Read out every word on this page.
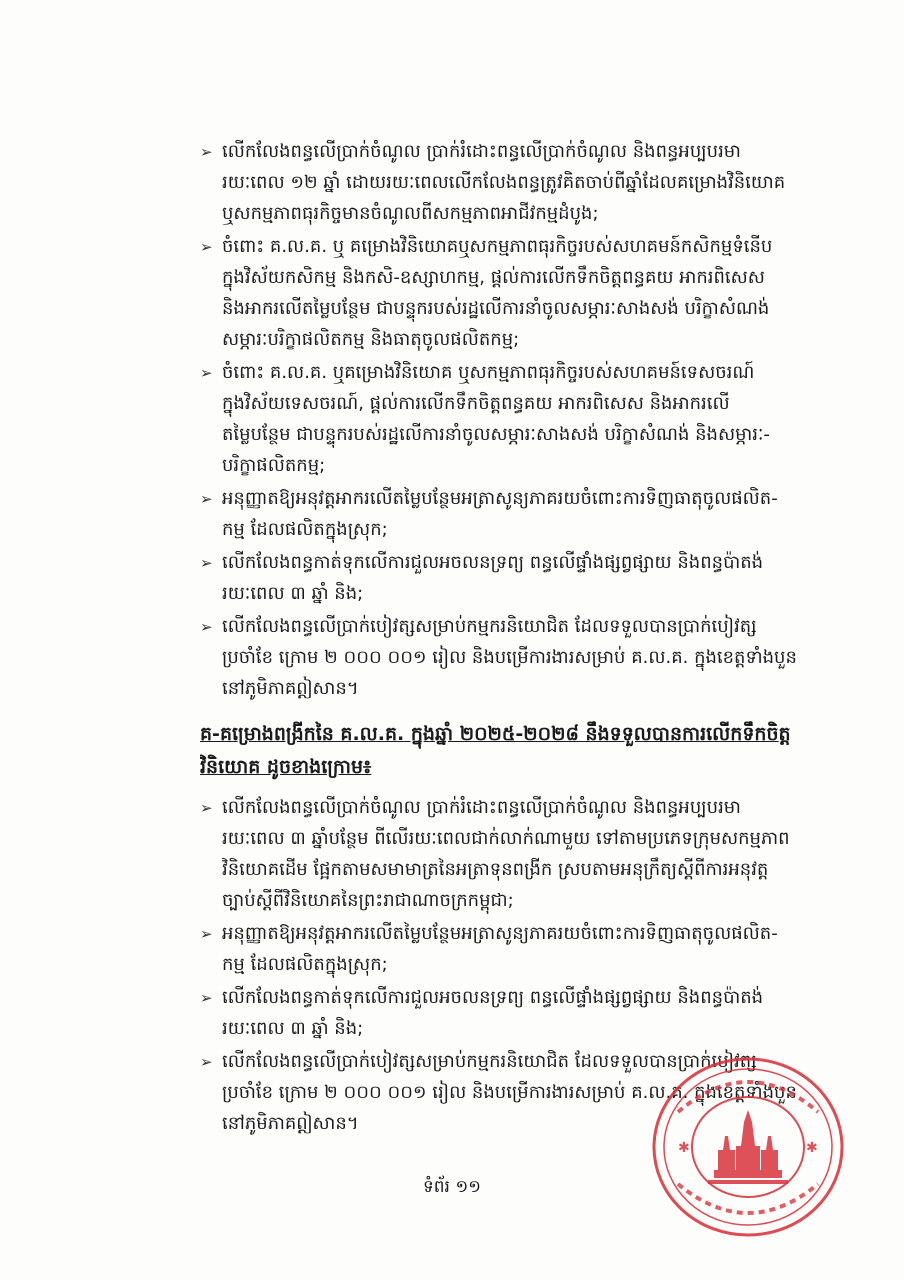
➢ លើកលែងពន្ធលើប្រាក់ចំណូល ប្រាក់រំដោះពន្ធលើប្រាក់ចំណូល និងពន្ធអប្បបរមា
រយៈពេល ១២ ឆ្នាំ ដោយរយៈពេលលើកលែងពន្ធត្រូវគិតចាប់ពីឆ្នាំដែលគម្រោងវិនិយោគ
ឬសកម្មភាពធុរកិច្ចមានចំណូលពីសកម្មភាពអាជីវកម្មដំបូង;
➢ ចំពោះ គ.ល.គ. ឬ គម្រោងវិនិយោគឬសកម្មភាពធុរកិច្ចរបស់សហគមន៍កសិកម្មទំនើប
ក្នុងវិស័យកសិកម្ម និងកសិ-ឧស្សាហកម្ម, ផ្តល់ការលើកទឹកចិត្តពន្ធគយ អាករពិសេស
និងអាករលើតម្លៃបន្ថែម ជាបន្ទុករបស់រដ្ឋលើការនាំចូលសម្ភារៈសាងសង់ បរិក្ខាសំណង់
សម្ភារៈបរិក្ខាផលិតកម្ម និងធាតុចូលផលិតកម្ម;
➢ ចំពោះ គ.ល.គ. ឬគម្រោងវិនិយោគ ឬសកម្មភាពធុរកិច្ចរបស់សហគមន៍ទេសចរណ៍
ក្នុងវិស័យទេសចរណ៍, ផ្តល់ការលើកទឹកចិត្តពន្ធគយ អាករពិសេស និងអាករលើ
តម្លៃបន្ថែម ជាបន្ទុករបស់រដ្ឋលើការនាំចូលសម្ភារៈសាងសង់ បរិក្ខាសំណង់ និងសម្ភារៈ-
បរិក្ខាផលិតកម្ម;
➢ អនុញ្ញាតឱ្យអនុវត្តអាករលើតម្លៃបន្ថែមអត្រាសូន្យភាគរយចំពោះការទិញធាតុចូលផលិត-
កម្ម ដែលផលិតក្នុងស្រុក;
➢ លើកលែងពន្ធកាត់ទុកលើការជួលអចលនទ្រព្យ ពន្ធលើផ្ទាំងផ្សព្វផ្សាយ និងពន្ធប៉ាតង់
រយៈពេល ៣ ឆ្នាំ និង;
➢ លើកលែងពន្ធលើប្រាក់បៀវត្សសម្រាប់កម្មករនិយោជិត ដែលទទួលបានប្រាក់បៀវត្ស
ប្រចាំខែ ក្រោម ២ ០០០ ០០១ រៀល និងបម្រើការងារសម្រាប់ គ.ល.គ. ក្នុងខេត្តទាំងបួន
នៅភូមិភាគឦសាន។
គ-គម្រោងពង្រីកនៃ គ.ល.គ. ក្នុងឆ្នាំ ២០២៥-២០២៨ នឹងទទួលបានការលើកទឹកចិត្ត
វិនិយោគ ដូចខាងក្រោម៖
➢ លើកលែងពន្ធលើប្រាក់ចំណូល ប្រាក់រំដោះពន្ធលើប្រាក់ចំណូល និងពន្ធអប្បបរមា
រយៈពេល ៣ ឆ្នាំបន្ថែម ពីលើរយៈពេលជាក់លាក់ណាមួយ ទៅតាមប្រភេទក្រុមសកម្មភាព
វិនិយោគដើម ផ្អែកតាមសមាមាត្រនៃអត្រាទុនពង្រីក ស្របតាមអនុក្រឹត្យស្តីពីការអនុវត្ត
ច្បាប់ស្តីពីវិនិយោគនៃព្រះរាជាណាចក្រកម្ពុជា;
➢ អនុញ្ញាតឱ្យអនុវត្តអាករលើតម្លៃបន្ថែមអត្រាសូន្យភាគរយចំពោះការទិញធាតុចូលផលិត-
កម្ម ដែលផលិតក្នុងស្រុក;
➢ លើកលែងពន្ធកាត់ទុកលើការជួលអចលនទ្រព្យ ពន្ធលើផ្ទាំងផ្សព្វផ្សាយ និងពន្ធប៉ាតង់
រយៈពេល ៣ ឆ្នាំ និង;
➢ លើកលែងពន្ធលើប្រាក់បៀវត្សសម្រាប់កម្មករនិយោជិត ដែលទទួលបានប្រាក់បៀវត្ស
ប្រចាំខែ ក្រោម ២ ០០០ ០០១ រៀល និងបម្រើការងារសម្រាប់ គ.ល.គ. ក្នុងខេត្តទាំងបួន
នៅភូមិភាគឦសាន។
ទំព័រ ១១
✱	✱
